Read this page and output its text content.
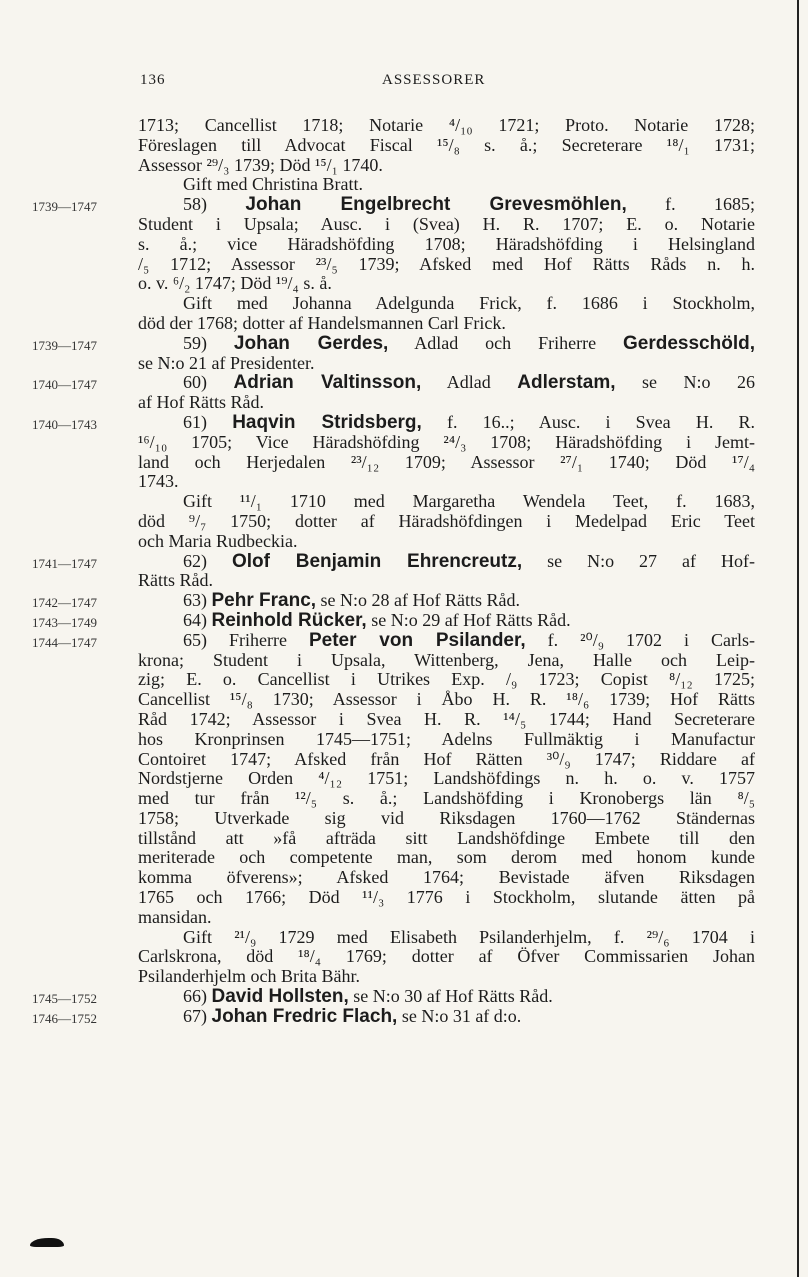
136	ASSESSORER
1713; Cancellist 1718; Notarie ⁴/₁₀ 1721; Proto. Notarie 1728;
Föreslagen till Advocat Fiscal ¹⁵/₈ s. å.; Secreterare ¹⁸/₁ 1731;
Assessor ²⁹/₃ 1739; Död ¹⁵/₁ 1740.
Gift med Christina Bratt.
1739—1747	58) Johan Engelbrecht Grevesmöhlen, f. 1685;
Student i Upsala; Ausc. i (Svea) H. R. 1707; E. o. Notarie
s. å.; vice Häradshöfding 1708; Häradshöfding i Helsingland
/₅ 1712; Assessor ²³/₅ 1739; Afsked med Hof Rätts Råds n. h.
o. v. ⁶/₂ 1747; Död ¹⁹/₄ s. å.
Gift med Johanna Adelgunda Frick, f. 1686 i Stockholm,
död der 1768; dotter af Handelsmannen Carl Frick.
1739—1747	59) Johan Gerdes, Adlad och Friherre Gerdesschöld,
se N:o 21 af Presidenter.
1740—1747	60) Adrian Valtinsson, Adlad Adlerstam, se N:o 26
af Hof Rätts Råd.
1740—1743	61) Haqvin Stridsberg, f. 16..; Ausc. i Svea H. R.
¹⁶/₁₀ 1705; Vice Häradshöfding ²⁴/₃ 1708; Häradshöfding i Jemt-
land och Herjedalen ²³/₁₂ 1709; Assessor ²⁷/₁ 1740; Död ¹⁷/₄
1743.
Gift ¹¹/₁ 1710 med Margaretha Wendela Teet, f. 1683,
död ⁹/₇ 1750; dotter af Häradshöfdingen i Medelpad Eric Teet
och Maria Rudbeckia.
1741—1747	62) Olof Benjamin Ehrencreutz, se N:o 27 af Hof-
Rätts Råd.
1742—1747	63) Pehr Franc, se N:o 28 af Hof Rätts Råd.
1743—1749	64) Reinhold Rücker, se N:o 29 af Hof Rätts Råd.
1744—1747	65) Friherre Peter von Psilander, f. ²⁰/₉ 1702 i Carls-
krona; Student i Upsala, Wittenberg, Jena, Halle och Leip-
zig; E. o. Cancellist i Utrikes Exp. /₉ 1723; Copist ⁸/₁₂ 1725;
Cancellist ¹⁵/₈ 1730; Assessor i Åbo H. R. ¹⁸/₆ 1739; Hof Rätts
Råd 1742; Assessor i Svea H. R. ¹⁴/₅ 1744; Hand Secreterare
hos Kronprinsen 1745—1751; Adelns Fullmäktig i Manufactur
Contoiret 1747; Afsked från Hof Rätten ³⁰/₉ 1747; Riddare af
Nordstjerne Orden ⁴/₁₂ 1751; Landshöfdings n. h. o. v. 1757
med tur från ¹²/₅ s. å.; Landshöfding i Kronobergs län ⁸/₅
1758; Utverkade sig vid Riksdagen 1760—1762 Ständernas
tillstånd att »få afträda sitt Landshöfdinge Embete till den
meriterade och competente man, som derom med honom kunde
komma öfverens»; Afsked 1764; Bevistade äfven Riksdagen
1765 och 1766; Död ¹¹/₃ 1776 i Stockholm, slutande ätten på
mansidan.
Gift ²¹/₉ 1729 med Elisabeth Psilanderhjelm, f. ²⁹/₆ 1704 i
Carlskrona, död ¹⁸/₄ 1769; dotter af Öfver Commissarien Johan
Psilanderhjelm och Brita Bähr.
1745—1752	66) David Hollsten, se N:o 30 af Hof Rätts Råd.
1746—1752	67) Johan Fredric Flach, se N:o 31 af d:o.
